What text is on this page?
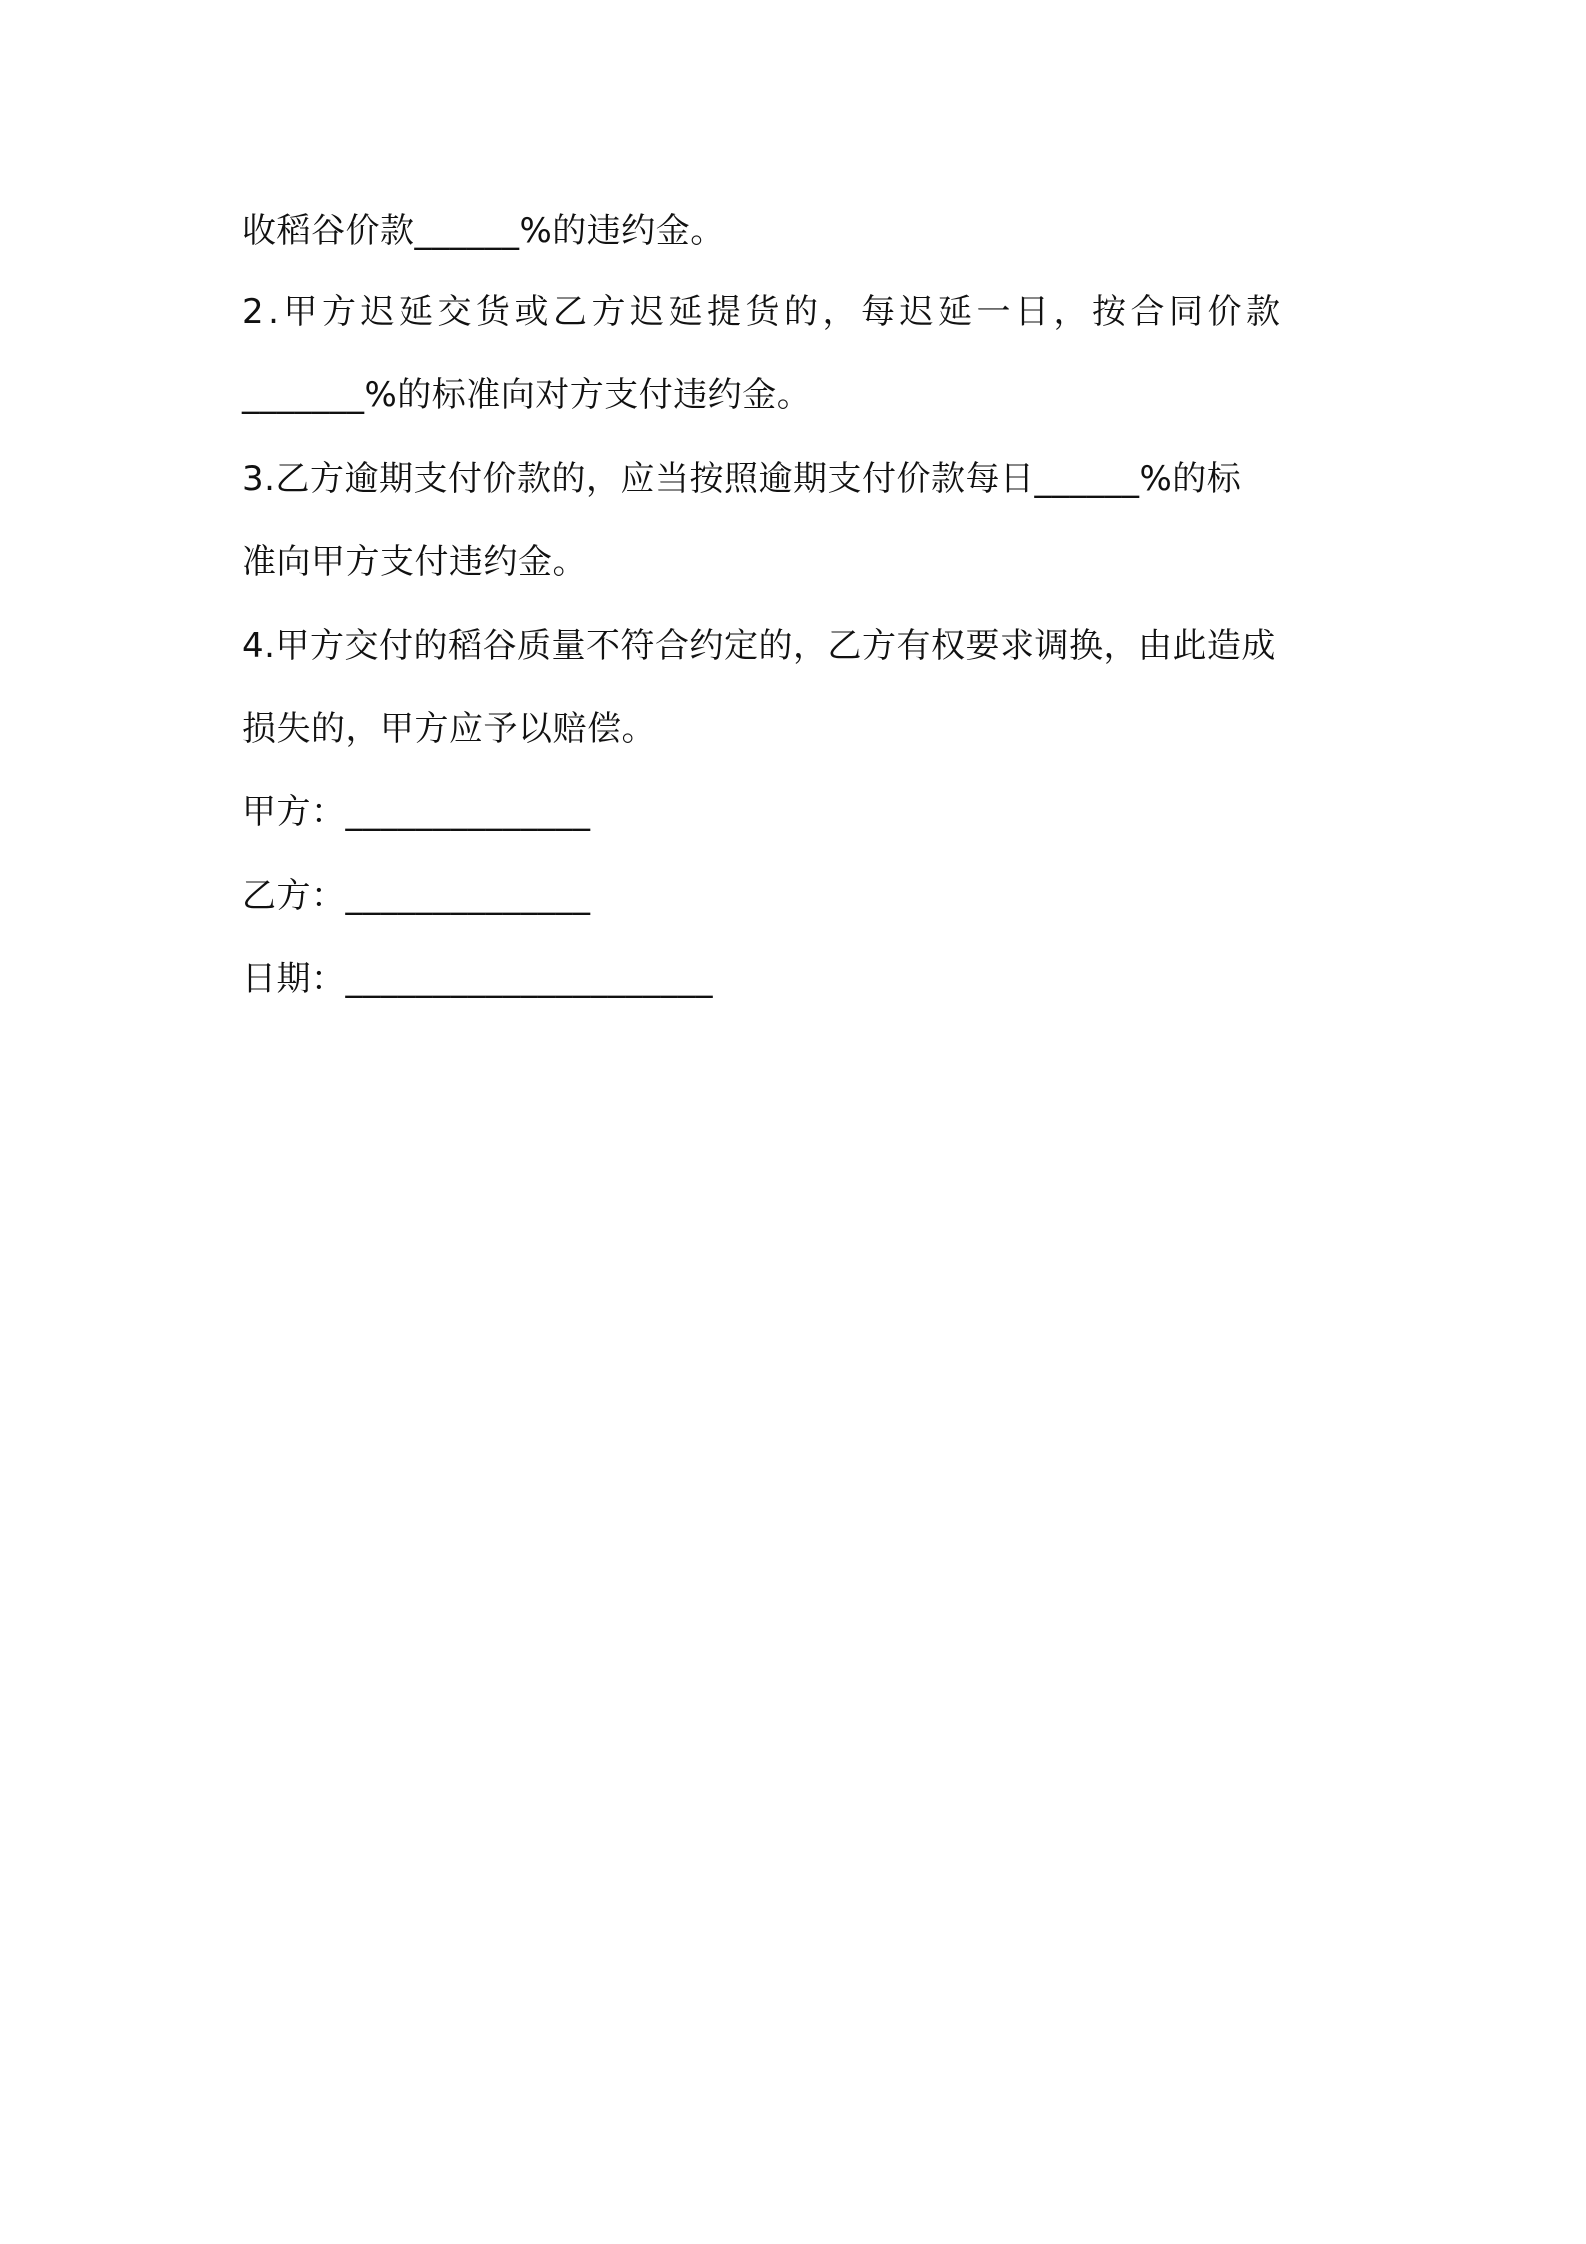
收稻谷价款______%的违约金。
2.甲方迟延交货或乙方迟延提货的，每迟延一日，按合同价款
_______%的标准向对方支付违约金。
3.乙方逾期支付价款的，应当按照逾期支付价款每日______%的标
准向甲方支付违约金。
4.甲方交付的稻谷质量不符合约定的，乙方有权要求调换，由此造成
损失的，甲方应予以赔偿。
甲方：______________
乙方：______________
日期：_____________________
